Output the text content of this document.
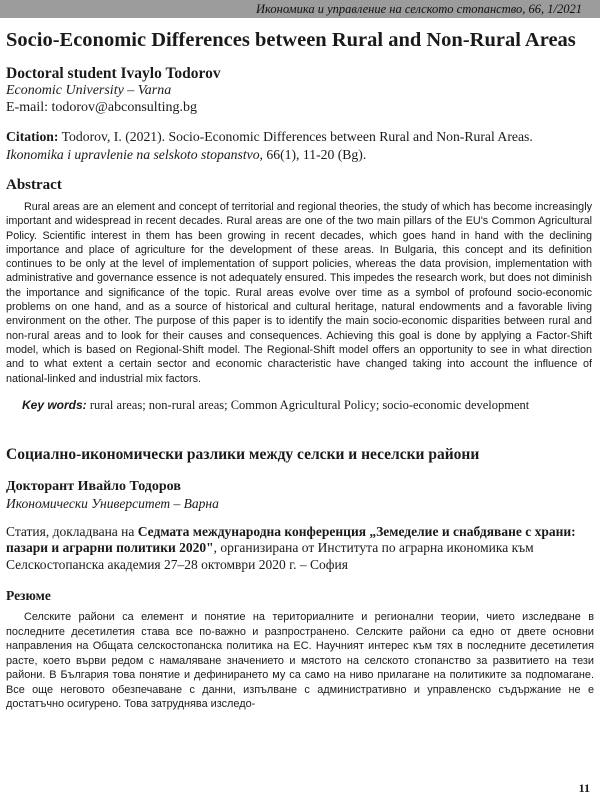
Икономика и управление на селското стопанство, 66, 1/2021
Socio-Economic Differences between Rural and Non-Rural Areas
Doctoral student Ivaylo Todorov
Economic University – Varna
E-mail: todorov@abconsulting.bg
Citation: Todorov, I. (2021). Socio-Economic Differences between Rural and Non-Rural Areas. Ikonomika i upravlenie na selskoto stopanstvo, 66(1), 11-20 (Bg).
Abstract
Rural areas are an element and concept of territorial and regional theories, the study of which has become increasingly important and widespread in recent decades. Rural areas are one of the two main pillars of the EU's Common Agricultural Policy. Scientific interest in them has been growing in recent decades, which goes hand in hand with the declining importance and place of agriculture for the development of these areas. In Bulgaria, this concept and its definition continues to be only at the level of implementation of support policies, whereas the data provision, implementation with administrative and governance essence is not adequately ensured. This impedes the research work, but does not diminish the importance and significance of the topic. Rural areas evolve over time as a symbol of profound socio-economic problems on one hand, and as a source of historical and cultural heritage, natural endowments and a favorable living environment on the other. The purpose of this paper is to identify the main socio-economic disparities between rural and non-rural areas and to look for their causes and consequences. Achieving this goal is done by applying a Factor-Shift model, which is based on Regional-Shift model. The Regional-Shift model offers an opportunity to see in what direction and to what extent a certain sector and economic characteristic have changed taking into account the influence of national-linked and industrial mix factors.
Key words: rural areas; non-rural areas; Common Agricultural Policy; socio-economic development
Социално-икономически разлики между селски и неселски райони
Докторант Ивайло Тодоров
Икономически Университет – Варна
Статия, докладвана на Седмата международна конференция „Земеделие и снабдяване с храни: пазари и аграрни политики 2020", организирана от Института по аграрна икономика към Селскостопанска академия 27–28 октомври 2020 г. – София
Резюме
Селските райони са елемент и понятие на териториалните и регионални теории, чието изследване в последните десетилетия става все по-важно и разпространено. Селските райони са едно от двете основни направления на Общата селскостопанска политика на ЕС. Научният интерес към тях в последните десетилетия расте, което върви редом с намаляване значението и мястото на селското стопанство за развитието на тези райони. В България това понятие и дефинирането му са само на ниво прилагане на политиките за подпомагане. Все още неговото обезпечаване с данни, изпълване с административно и управленско съдържание не е достатъчно осигурено. Това затруднява изследо-
11
